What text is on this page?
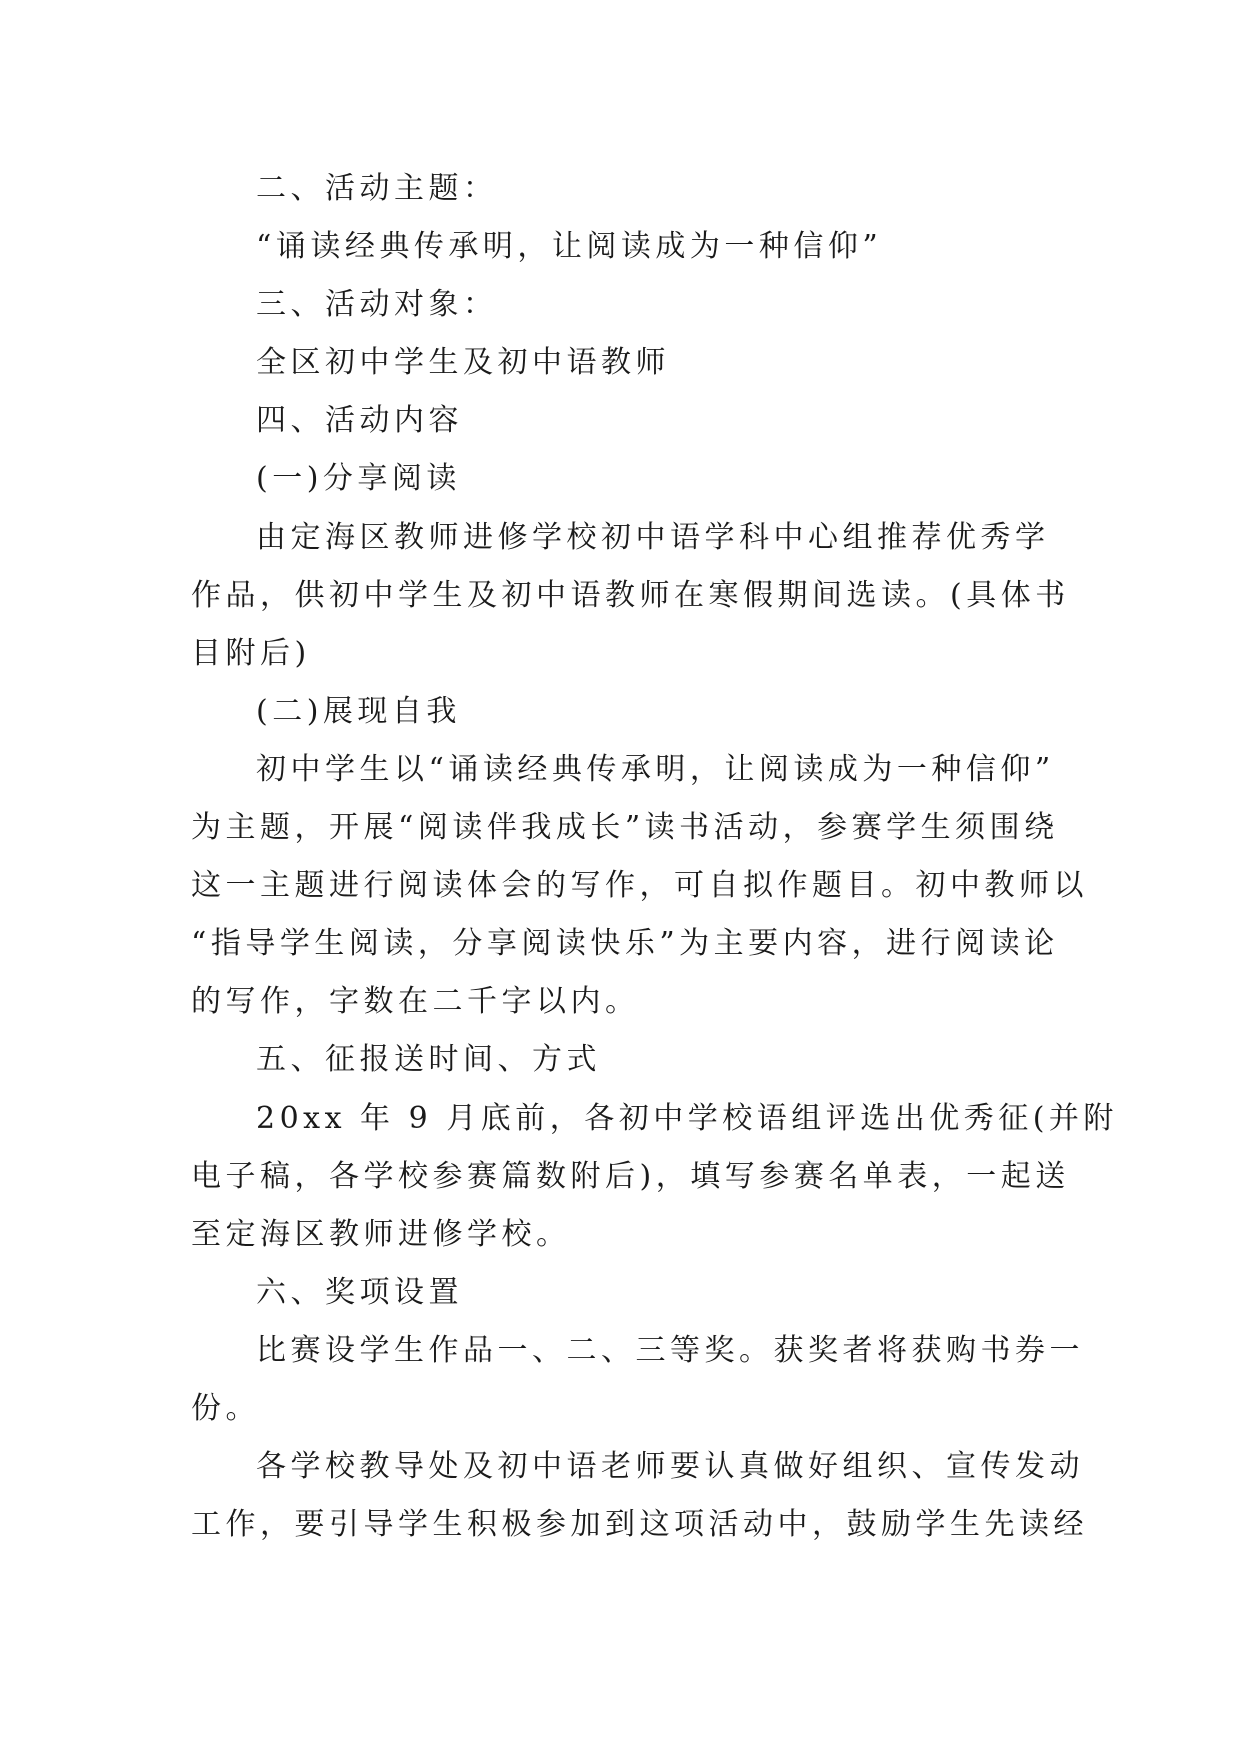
二、活动主题：
“诵读经典传承明，让阅读成为一种信仰”
三、活动对象：
全区初中学生及初中语教师
四、活动内容
(一)分享阅读
由定海区教师进修学校初中语学科中心组推荐优秀学
作品，供初中学生及初中语教师在寒假期间选读。(具体书
目附后)
(二)展现自我
初中学生以“诵读经典传承明，让阅读成为一种信仰”
为主题，开展“阅读伴我成长”读书活动，参赛学生须围绕
这一主题进行阅读体会的写作，可自拟作题目。初中教师以
“指导学生阅读，分享阅读快乐”为主要内容，进行阅读论
的写作，字数在二千字以内。
五、征报送时间、方式
20xx 年 9 月底前，各初中学校语组评选出优秀征(并附
电子稿，各学校参赛篇数附后)，填写参赛名单表，一起送
至定海区教师进修学校。
六、奖项设置
比赛设学生作品一、二、三等奖。获奖者将获购书券一
份。
各学校教导处及初中语老师要认真做好组织、宣传发动
工作，要引导学生积极参加到这项活动中，鼓励学生先读经
